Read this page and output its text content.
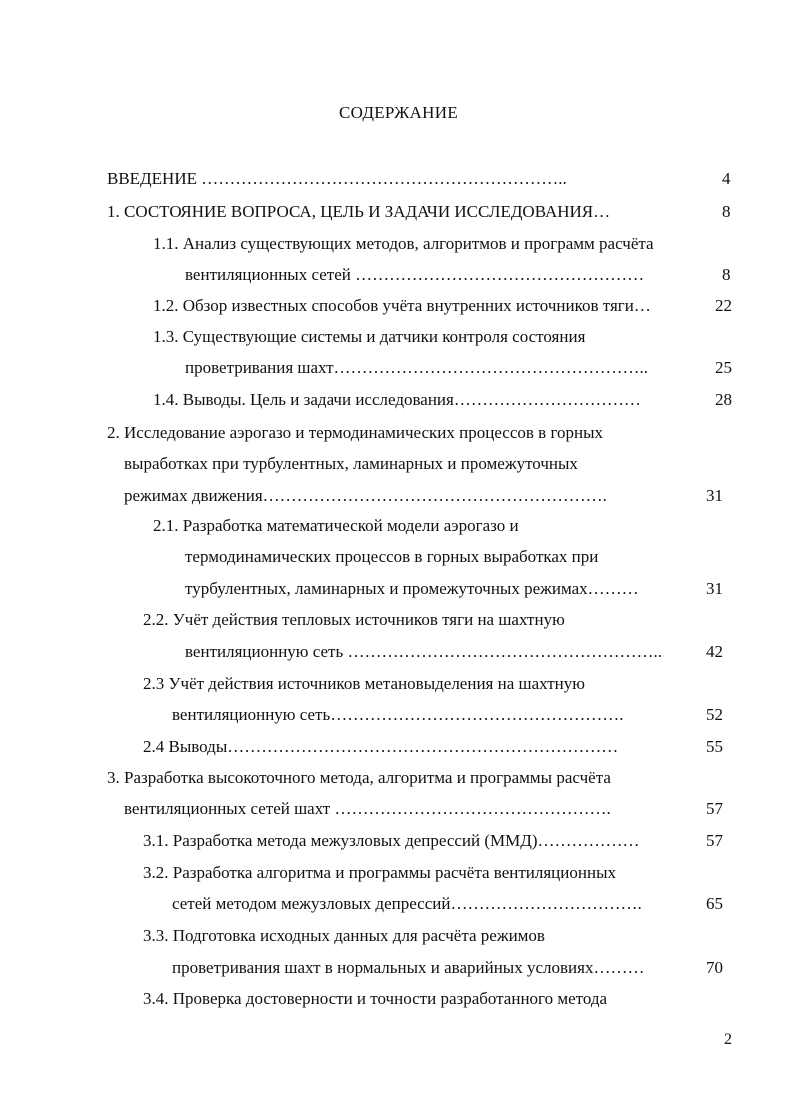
СОДЕРЖАНИЕ
ВВЕДЕНИЕ ………………………………………………………..	4
1. СОСТОЯНИЕ ВОПРОСА, ЦЕЛЬ И ЗАДАЧИ ИССЛЕДОВАНИЯ…	8
1.1. Анализ существующих методов, алгоритмов и программ расчёта
вентиляционных сетей ……………………………………………	8
1.2. Обзор известных способов учёта внутренних источников тяги…	22
1.3. Существующие системы и датчики контроля состояния
проветривания шахт………………………………………………..	25
1.4. Выводы. Цель и задачи исследования……………………………	28
2. Исследование аэрогазо и термодинамических процессов в горных
выработках при турбулентных, ламинарных и промежуточных
режимах движения…………………………………………………….	31
2.1. Разработка математической модели аэрогазо и
термодинамических процессов в горных выработках при
турбулентных, ламинарных и промежуточных режимах………	31
2.2. Учёт действия тепловых источников тяги на шахтную
вентиляционную сеть ………………………………………………..	42
2.3 Учёт действия источников метановыделения на шахтную
вентиляционную сеть…………………………………………….	52
2.4 Выводы……………………………………………………………	55
3. Разработка высокоточного метода, алгоритма и программы расчёта
вентиляционных сетей шахт ………………………………………….	57
3.1. Разработка метода межузловых депрессий (ММД)………………	57
3.2. Разработка алгоритма и программы расчёта вентиляционных
сетей методом межузловых депрессий…………………………….	65
3.3. Подготовка исходных данных для расчёта режимов
проветривания шахт в нормальных и аварийных условиях………	70
3.4. Проверка достоверности и точности разработанного метода
2
